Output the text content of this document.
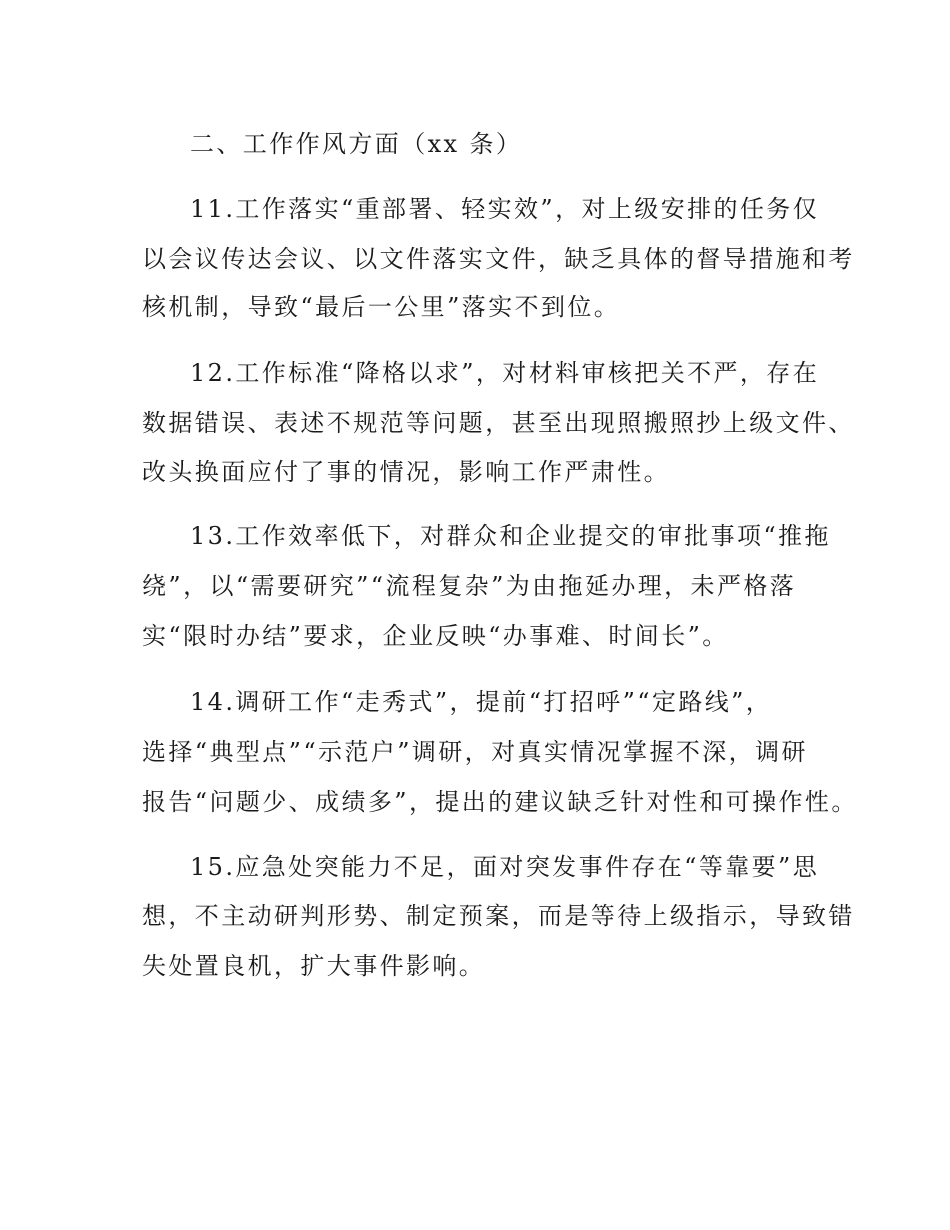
二、工作作风方面（xx 条）

11.工作落实“重部署、轻实效”，对上级安排的任务仅

以会议传达会议、以文件落实文件，缺乏具体的督导措施和考

核机制，导致“最后一公里”落实不到位。

12.工作标准“降格以求”，对材料审核把关不严，存在

数据错误、表述不规范等问题，甚至出现照搬照抄上级文件、

改头换面应付了事的情况，影响工作严肃性。

13.工作效率低下，对群众和企业提交的审批事项“推拖

绕”，以“需要研究”“流程复杂”为由拖延办理，未严格落

实“限时办结”要求，企业反映“办事难、时间长”。

14.调研工作“走秀式”，提前“打招呼”“定路线”，

选择“典型点”“示范户”调研，对真实情况掌握不深，调研

报告“问题少、成绩多”，提出的建议缺乏针对性和可操作性。

15.应急处突能力不足，面对突发事件存在“等靠要”思

想，不主动研判形势、制定预案，而是等待上级指示，导致错

失处置良机，扩大事件影响。
